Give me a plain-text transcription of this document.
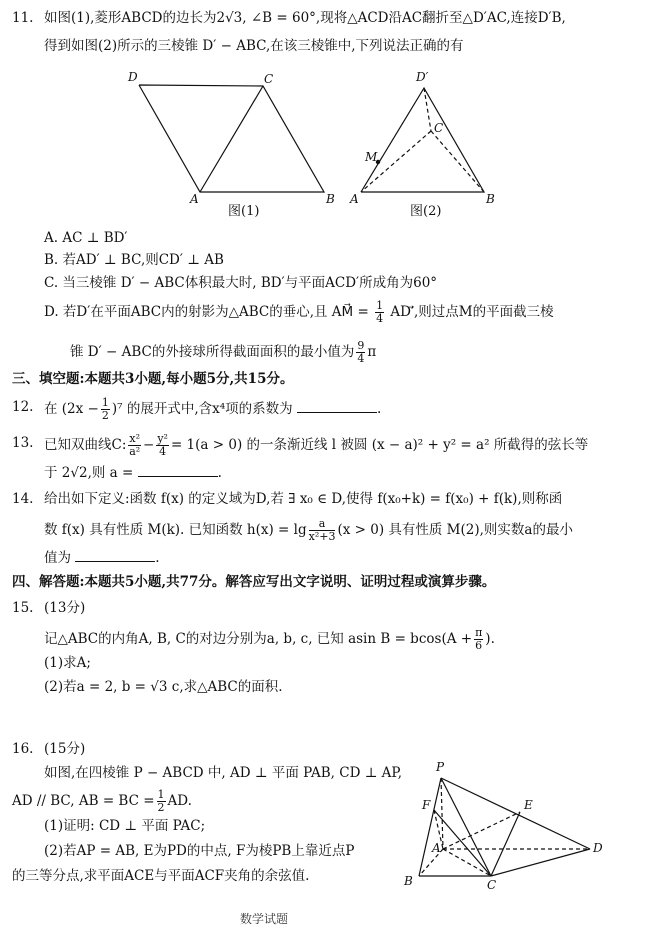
11. 如图(1),菱形ABCD的边长为2√3, ∠B = 60°,现将△ACD沿AC翻折至△D′AC,连接D′B,
得到如图(2)所示的三棱锥 D′ − ABC,在该三棱锥中,下列说法正确的有
D	C
A	B
图(1)
D′
C
M
A	B
图(2)
A. AC ⊥ BD′
B. 若AD′ ⊥ BC,则CD′ ⊥ AB
C. 当三棱锥 D′ − ABC体积最大时, BD′与平面ACD′所成角为60°
D. 若D′在平面ABC内的射影为△ABC的垂心,且 AM⃗ = $\frac{1}{4}$ AD′⃗,则过点M的平面截三棱
锥 D′ − ABC的外接球所得截面面积的最小值为 $\frac{9}{4}$ π
三、填空题:本题共3小题,每小题5分,共15分。
12. 在 $(2x - \frac{1}{2} )^7$ 的展开式中,含x⁴项的系数为	.
13. 已知双曲线C: $\frac{\text{x²}}{\text{a²}} - \frac{\text{y²}}{4} = 1(a > 0)$ 的一条渐近线 l 被圆 (x − a)² + y² = a² 所截得的弦长等
于 2√2,则 a =	.
14. 给出如下定义:函数 f(x) 的定义域为D,若 ∃ x₀ ∈ D,使得 f(x₀+k) = f(x₀) + f(k),则称函
数 f(x) 具有性质 M(k). 已知函数 $h(x) = \lg \frac{a}{\text{x²+3}} (x > 0)$ 具有性质 M(2),则实数a的最小
值为	.
四、解答题:本题共5小题,共77分。解答应写出文字说明、证明过程或演算步骤。
15. (13分)
记△ABC的内角A, B, C的对边分别为a, b, c, 已知 asin $B = bcos(A + \frac{\pi}{6}$ ).
(1)求A;
(2)若a = 2, b = √3 c,求△ABC的面积.
16. (15分)
如图,在四棱锥 P − ABCD 中, AD ⊥ 平面 PAB, CD ⊥ AP,
AD // BC, AB = BC = $\frac{1}{2}$ AD.
(1)证明: CD ⊥ 平面 PAC;
(2)若AP = AB, E为PD的中点, F为棱PB上靠近点P
的三等分点,求平面ACE与平面ACF夹角的余弦值.
P
F	E
A	D
B	C
数学试题
